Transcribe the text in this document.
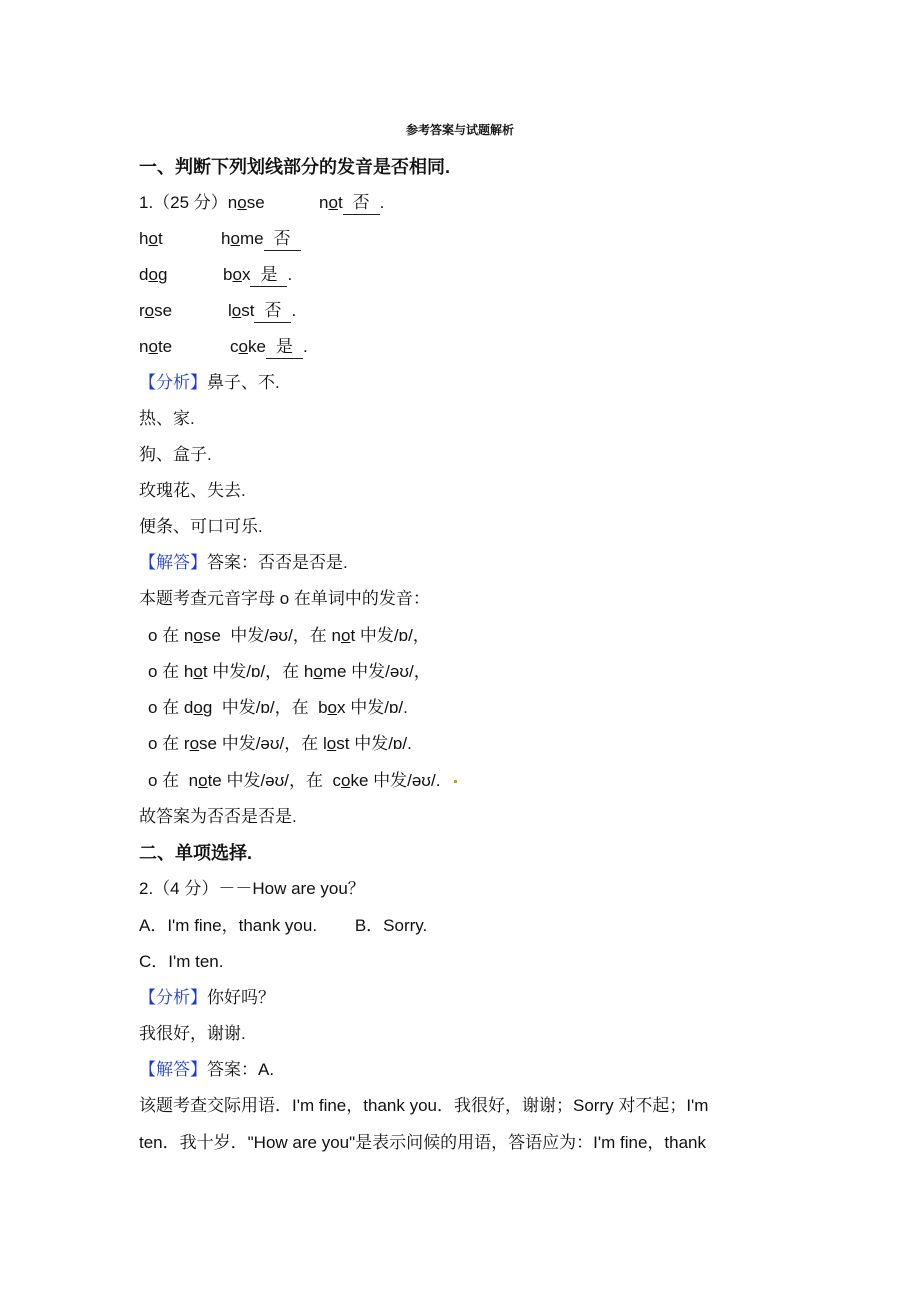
参考答案与试题解析
一、判断下列划线部分的发音是否相同.
1.（25 分）nose	not 否 .
hot	home 否
dog	box 是 .
rose	lost 否 .
note	coke 是 .
【分析】鼻子、不.
热、家.
狗、盒子.
玫瑰花、失去.
便条、可口可乐.
【解答】答案：否否是否是.
本题考查元音字母 o 在单词中的发音：
o 在 nose  中发/əʊ/，在 not 中发/ɒ/，
o 在 hot 中发/ɒ/，在 home 中发/əʊ/，
o 在 dog  中发/ɒ/，在  box 中发/ɒ/.
o 在 rose 中发/əʊ/，在 lost 中发/ɒ/.
o 在  note 中发/əʊ/，在  coke 中发/əʊ/.
故答案为否否是否是.
二、单项选择.
2.（4 分）－－How are you？
A．I'm fine，thank you.        B．Sorry.
C．I'm ten.
【分析】你好吗？
我很好，谢谢.
【解答】答案：A.
该题考查交际用语．I'm fine，thank you．我很好，谢谢；Sorry 对不起；I'm
ten．我十岁．"How are you"是表示问候的用语，答语应为：I'm fine，thank
